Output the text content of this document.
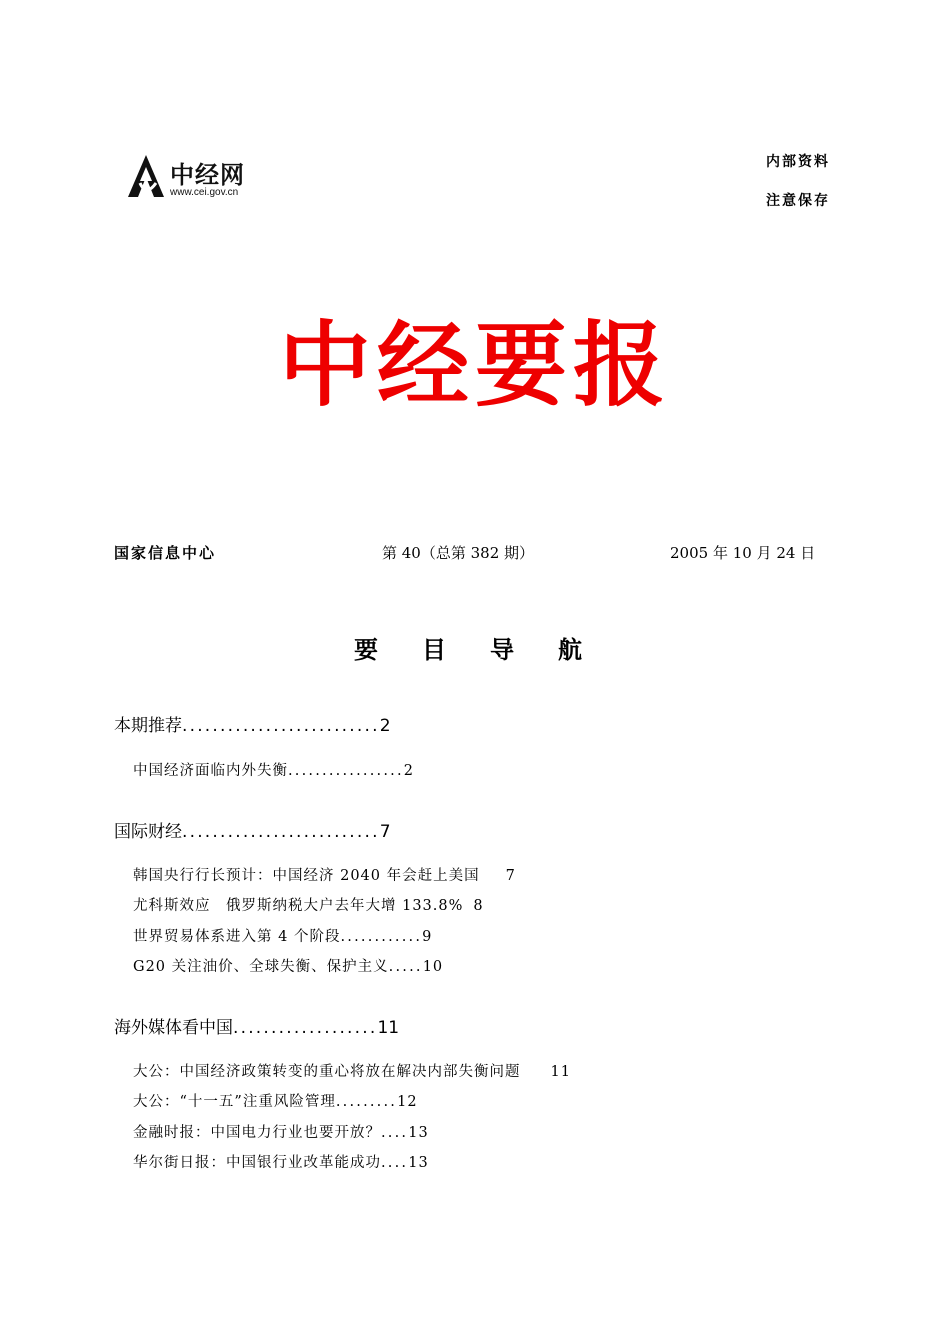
中经网
www.cei.gov.cn
内部资料
注意保存
中经要报
国家信息中心	第 40（总第 382 期）	2005 年 10 月 24 日
要 目 导 航
本期推荐..........................2
中国经济面临内外失衡.................2
国际财经..........................7
韩国央行行长预计：中国经济 2040 年会赶上美国 7
尤科斯效应　俄罗斯纳税大户去年大增 133.8% 8
世界贸易体系进入第 4 个阶段............9
G20 关注油价、全球失衡、保护主义.....10
海外媒体看中国...................11
大公：中国经济政策转变的重心将放在解决内部失衡问题 11
大公：“十一五”注重风险管理.........12
金融时报：中国电力行业也要开放？....13
华尔街日报：中国银行业改革能成功....13
